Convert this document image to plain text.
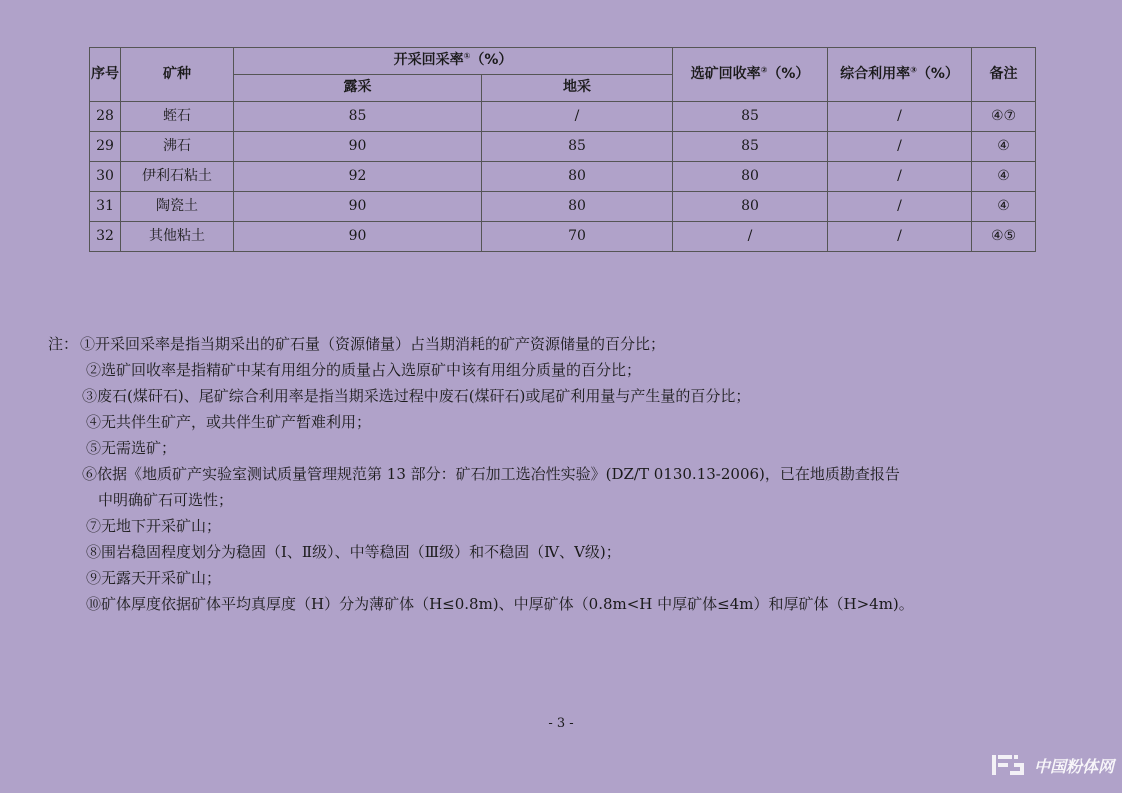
序号	矿种	开采回采率①（%）		选矿回收率②（%）	综合利用率③（%）	备注
		露采	地采			
28	蛭石	85	/	85	/	④⑦
29	沸石	90	85	85	/	④
30	伊利石粘土	92	80	80	/	④
31	陶瓷土	90	80	80	/	④
32	其他粘土	90	70	/	/	④⑤
注： ①开采回采率是指当期采出的矿石量（资源储量）占当期消耗的矿产资源储量的百分比；
②选矿回收率是指精矿中某有用组分的质量占入选原矿中该有用组分质量的百分比；
③废石(煤矸石)、尾矿综合利用率是指当期采选过程中废石(煤矸石)或尾矿利用量与产生量的百分比；
④无共伴生矿产，或共伴生矿产暂难利用；
⑤无需选矿；
⑥依据《地质矿产实验室测试质量管理规范第 13 部分：矿石加工选冶性实验》(DZ/T 0130.13-2006)，已在地质勘查报告
中明确矿石可选性；
⑦无地下开采矿山；
⑧围岩稳固程度划分为稳固（Ⅰ、Ⅱ级）、中等稳固（Ⅲ级）和不稳固（Ⅳ、Ⅴ级)；
⑨无露天开采矿山；
⑩矿体厚度依据矿体平均真厚度（H）分为薄矿体（H≤0.8m)、中厚矿体（0.8m<H 中厚矿体≤4m）和厚矿体（H>4m)。
- 3 -
中国粉体网
